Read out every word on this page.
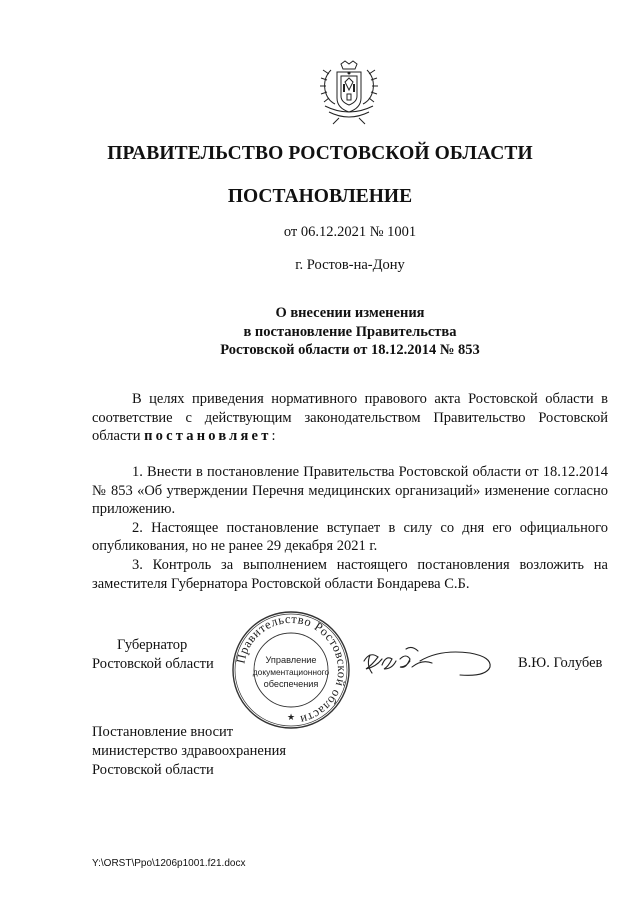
ПРАВИТЕЛЬСТВО РОСТОВСКОЙ ОБЛАСТИ
ПОСТАНОВЛЕНИЕ
от 06.12.2021 № 1001
г. Ростов-на-Дону
О внесении изменения
в постановление Правительства
Ростовской области от 18.12.2014 № 853

В целях приведения нормативного правового акта Ростовской области в соответствие с действующим законодательством Правительство Ростовской области постановляет:

1. Внести в постановление Правительства Ростовской области от 18.12.2014 № 853 «Об утверждении Перечня медицинских организаций» изменение согласно приложению.

2. Настоящее постановление вступает в силу со дня его официального опубликования, но не ранее 29 декабря 2021 г.

3. Контроль за выполнением настоящего постановления возложить на заместителя Губернатора Ростовской области Бондарева С.Б.

Губернатор
Ростовской области Правительство Ростовской области
Управление
документационного
обеспечения
★
В.Ю. Голубев
Постановление вносит
министерство здравоохранения
Ростовской области
Y:\ORST\Ppo\1206p1001.f21.docx
